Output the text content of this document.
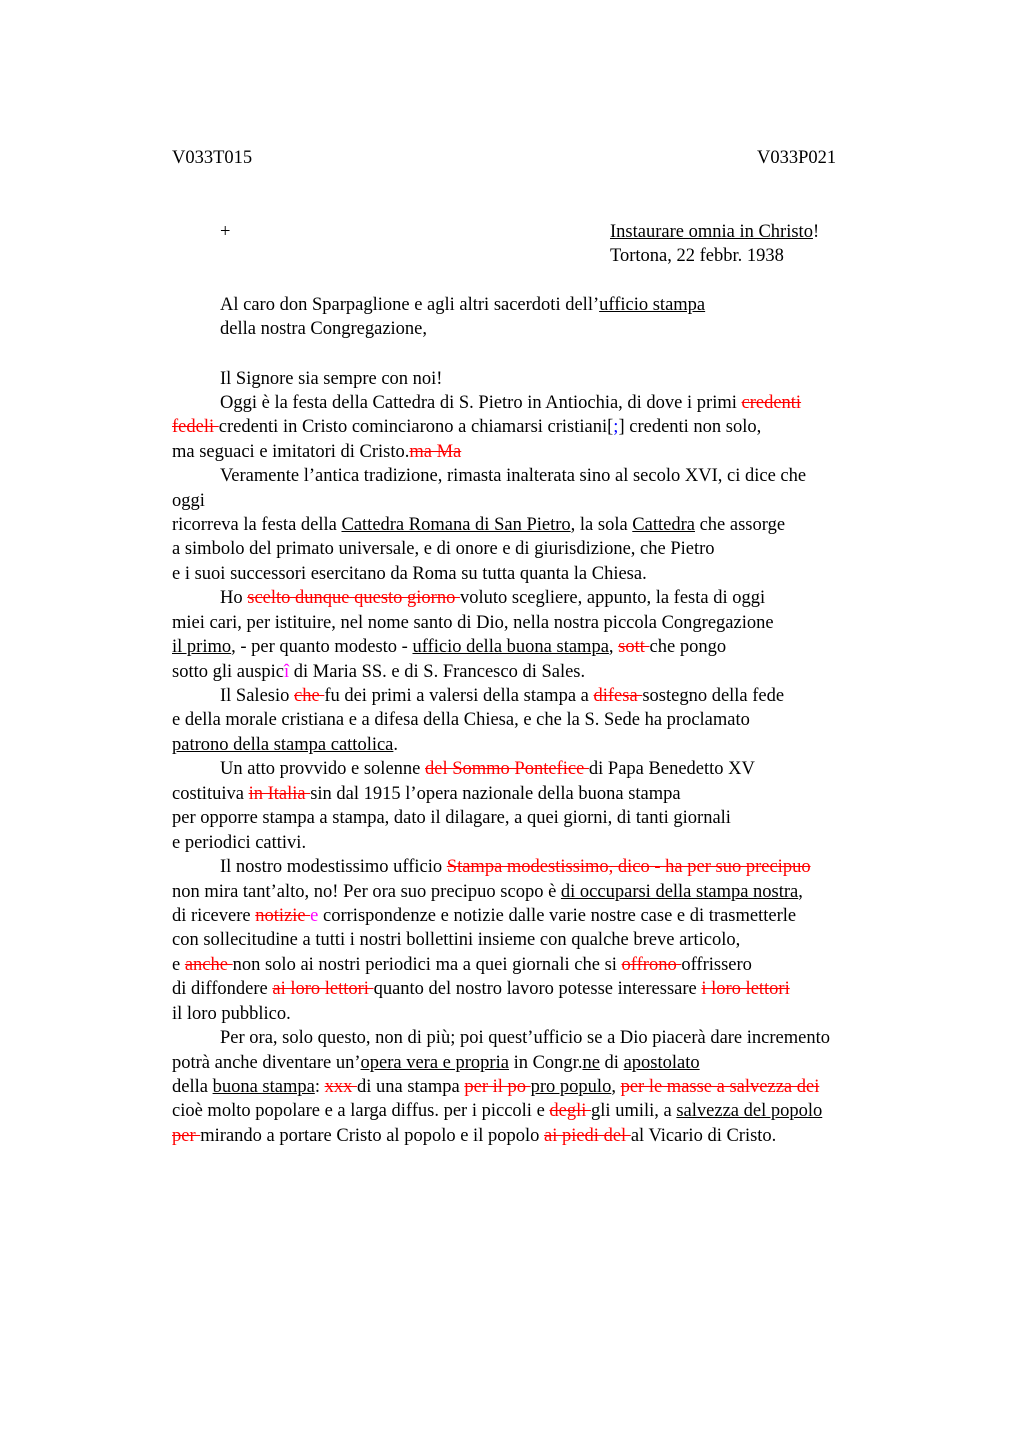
V033T015	V033P021
+	Instaurare omnia in Christo!
Tortona, 22 febbr. 1938
Al caro don Sparpaglione e agli altri sacerdoti dell’ufficio stampa
della nostra Congregazione,
Il Signore sia sempre con noi!
Oggi è la festa della Cattedra di S. Pietro in Antiochia, di dove i primi credenti
fedeli credenti in Cristo cominciarono a chiamarsi cristiani[;] credenti non solo,
ma seguaci e imitatori di Cristo.ma Ma
Veramente l’antica tradizione, rimasta inalterata sino al secolo XVI, ci dice che
oggi
ricorreva la festa della Cattedra Romana di San Pietro, la sola Cattedra che assorge
a simbolo del primato universale, e di onore e di giurisdizione, che Pietro
e i suoi successori esercitano da Roma su tutta quanta la Chiesa.
Ho scelto dunque questo giorno voluto scegliere, appunto, la festa di oggi
miei cari, per istituire, nel nome santo di Dio, nella nostra piccola Congregazione
il primo, - per quanto modesto - ufficio della buona stampa, sott che pongo
sotto gli auspicî di Maria SS. e di S. Francesco di Sales.
Il Salesio che fu dei primi a valersi della stampa a difesa sostegno della fede
e della morale cristiana e a difesa della Chiesa, e che la S. Sede ha proclamato
patrono della stampa cattolica.
Un atto provvido e solenne del Sommo Pontefice di Papa Benedetto XV
costituiva in Italia sin dal 1915 l’opera nazionale della buona stampa
per opporre stampa a stampa, dato il dilagare, a quei giorni, di tanti giornali
e periodici cattivi.
Il nostro modestissimo ufficio Stampa modestissimo, dico - ha per suo precipuo
non mira tant’alto, no! Per ora suo precipuo scopo è di occuparsi della stampa nostra,
di ricevere notizie e corrispondenze e notizie dalle varie nostre case e di trasmetterle
con sollecitudine a tutti i nostri bollettini insieme con qualche breve articolo,
e anche non solo ai nostri periodici ma a quei giornali che si offrono offrissero
di diffondere ai loro lettori quanto del nostro lavoro potesse interessare i loro lettori
il loro pubblico.
Per ora, solo questo, non di più; poi quest’ufficio se a Dio piacerà dare incremento
potrà anche diventare un’opera vera e propria in Congr.ne di apostolato
della buona stampa: xxx di una stampa per il po pro populo, per le masse a salvezza dei
cioè molto popolare e a larga diffus. per i piccoli e degli gli umili, a salvezza del popolo
per mirando a portare Cristo al popolo e il popolo ai piedi del al Vicario di Cristo.
